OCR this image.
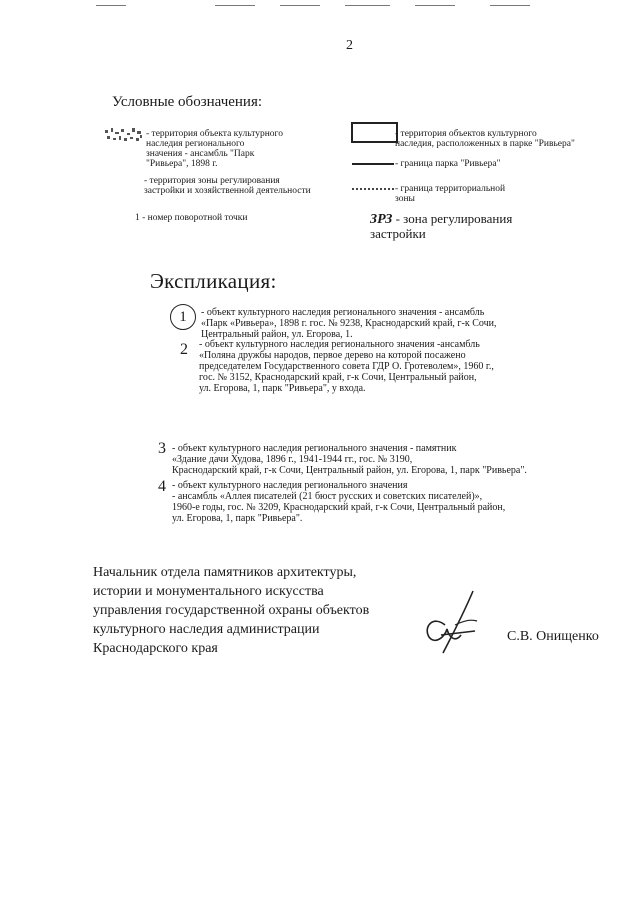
2
Условные обозначения:
- территория объекта культурного
наследия регионального
значения - ансамбль "Парк
"Ривьера", 1898 г.
- территория объектов культурного
наследия, расположенных в парке "Ривьера"
- территория зоны регулирования
застройки и хозяйственной деятельности
- граница парка "Ривьера"
- граница территориальной
зоны
1 - номер поворотной точки	ЗРЗ - зона регулирования
застройки
Экспликация:
1	- объект культурного наследия регионального значения - ансамбль
«Парк «Ривьера», 1898 г. гос. № 9238, Краснодарский край, г-к Сочи,
Центральный район, ул. Егорова, 1.
2 - объект культурного наследия регионального значения -ансамбль
«Поляна дружбы народов, первое дерево на которой посажено
председателем Государственного совета ГДР О. Гротеволем», 1960 г.,
гос. № 3152, Краснодарский край, г-к Сочи, Центральный район,
ул. Егорова, 1, парк "Ривьера", у входа.
3 - объект культурного наследия регионального значения - памятник
«Здание дачи Худова, 1896 г., 1941-1944 гг., гос. № 3190,
Краснодарский край, г-к Сочи, Центральный район, ул. Егорова, 1, парк "Ривьера".
4 - объект культурного наследия регионального значения
- ансамбль «Аллея писателей (21 бюст русских и советских писателей)»,
1960-е годы, гос. № 3209, Краснодарский край, г-к Сочи, Центральный район,
ул. Егорова, 1, парк "Ривьера".
Начальник отдела памятников архитектуры,
истории и монументального искусства
управления государственной охраны объектов
культурного наследия администрации
Краснодарского края
С.В. Онищенко
